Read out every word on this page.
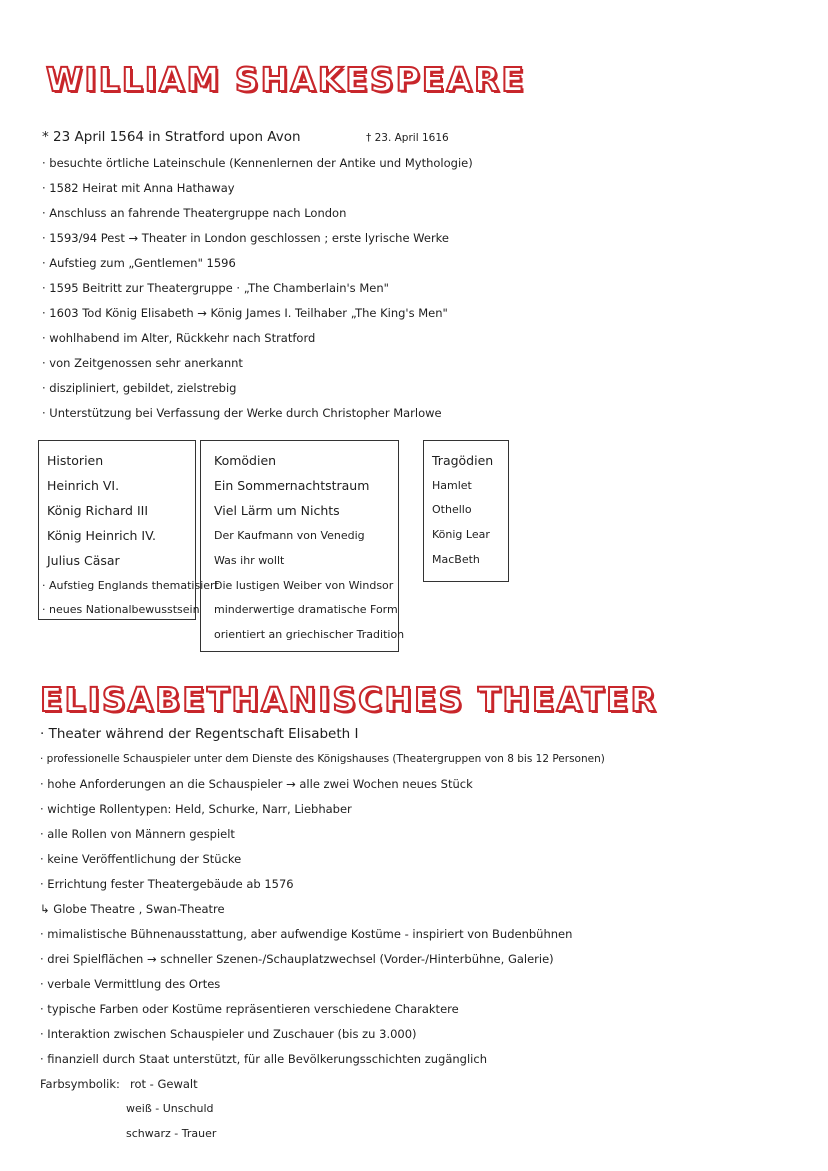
WILLIAM SHAKESPEARE
* 23 April 1564 in Stratford upon Avon	† 23. April 1616
· besuchte örtliche Lateinschule (Kennenlernen der Antike und Mythologie)
· 1582 Heirat mit Anna Hathaway
· Anschluss an fahrende Theatergruppe nach London
· 1593/94 Pest → Theater in London geschlossen ; erste lyrische Werke
· Aufstieg zum „Gentlemen" 1596
· 1595 Beitritt zur Theatergruppe · „The Chamberlain's Men"
· 1603 Tod König Elisabeth → König James I. Teilhaber „The King's Men"
· wohlhabend im Alter, Rückkehr nach Stratford
· von Zeitgenossen sehr anerkannt
· diszipliniert, gebildet, zielstrebig
· Unterstützung bei Verfassung der Werke durch Christopher Marlowe
Historien
Heinrich VI.
König Richard III
König Heinrich IV.
Julius Cäsar
· Aufstieg Englands thematisiert
· neues Nationalbewusstsein
Komödien
Ein Sommernachtstraum
Viel Lärm um Nichts
Der Kaufmann von Venedig
Was ihr wollt
Die lustigen Weiber von Windsor
minderwertige dramatische Form
orientiert an griechischer Tradition
Tragödien
Hamlet
Othello
König Lear
MacBeth
ELISABETHANISCHES THEATER
· Theater während der Regentschaft Elisabeth I
· professionelle Schauspieler unter dem Dienste des Königshauses (Theatergruppen von 8 bis 12 Personen)
· hohe Anforderungen an die Schauspieler → alle zwei Wochen neues Stück
· wichtige Rollentypen: Held, Schurke, Narr, Liebhaber
· alle Rollen von Männern gespielt
· keine Veröffentlichung der Stücke
· Errichtung fester Theatergebäude ab 1576
↳ Globe Theatre , Swan-Theatre
· mimalistische Bühnenausstattung, aber aufwendige Kostüme - inspiriert von Budenbühnen
· drei Spielflächen → schneller Szenen-/Schauplatzwechsel (Vorder-/Hinterbühne, Galerie)
· verbale Vermittlung des Ortes
· typische Farben oder Kostüme repräsentieren verschiedene Charaktere
· Interaktion zwischen Schauspieler und Zuschauer (bis zu 3.000)
· finanziell durch Staat unterstützt, für alle Bevölkerungsschichten zugänglich
Farbsymbolik: rot - Gewalt
weiß - Unschuld
schwarz - Trauer
